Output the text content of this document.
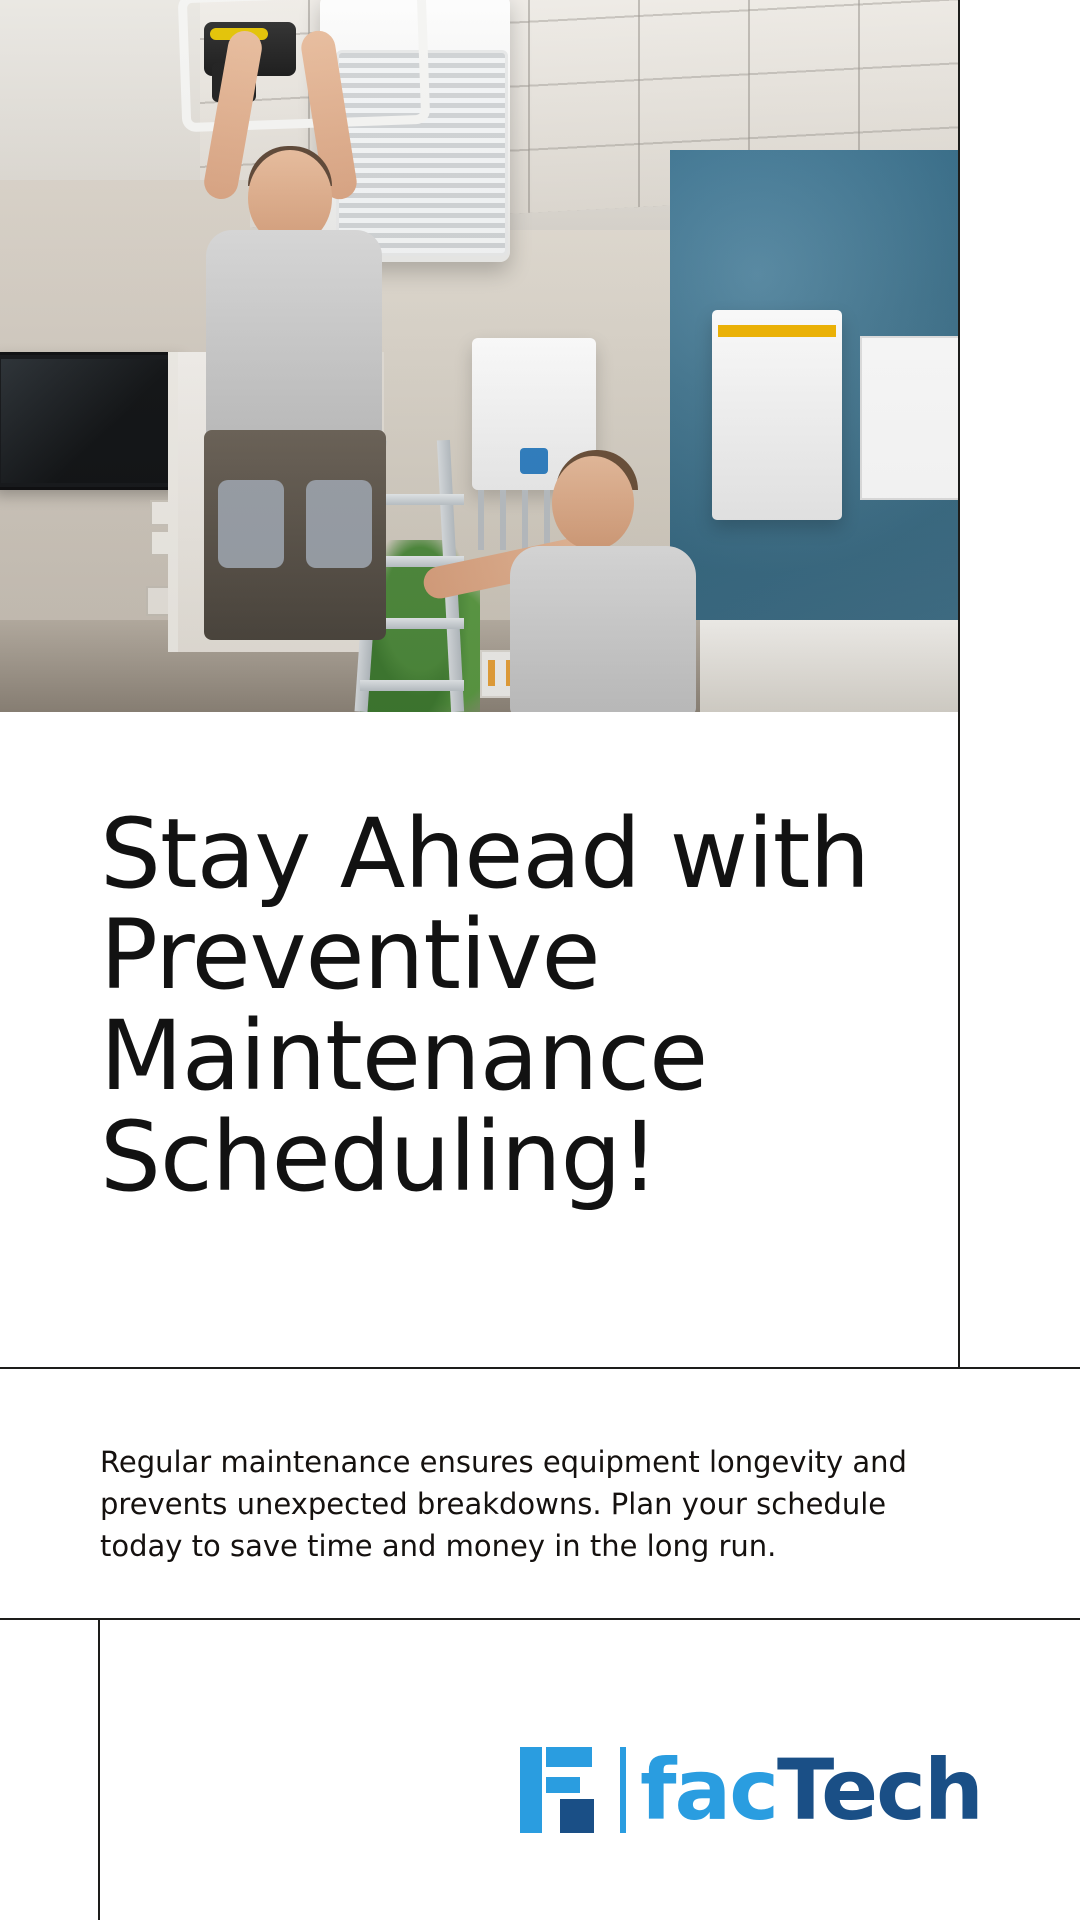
Stay Ahead with Preventive Maintenance Scheduling!

Regular maintenance ensures equipment longevity and prevents unexpected breakdowns. Plan your schedule today to save time and money in the long run.

facTech
